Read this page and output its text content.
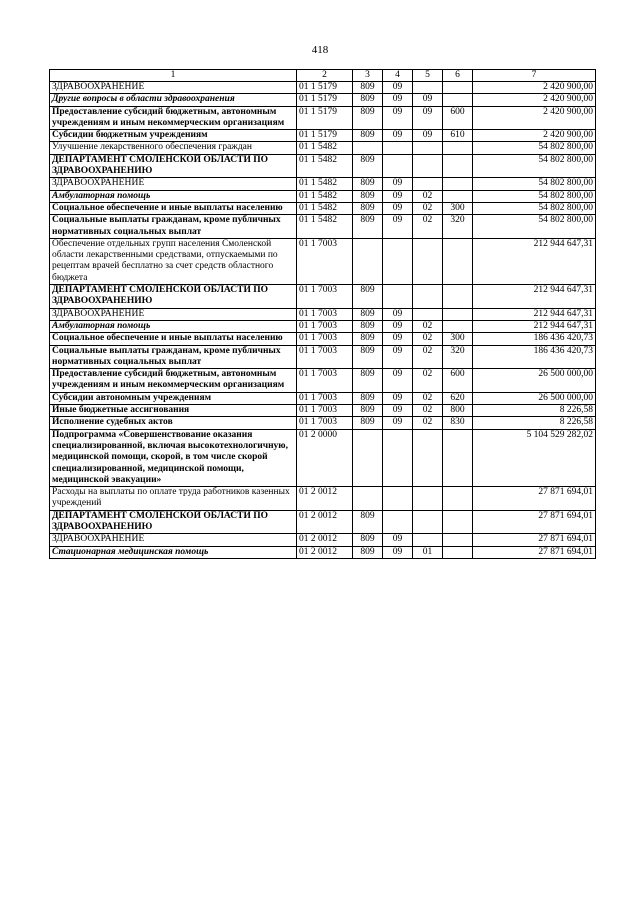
418
1	2	3	4	5	6	7
ЗДРАВООХРАНЕНИЕ	01 1 5179	809	09			2 420 900,00
Другие вопросы в области здравоохранения	01 1 5179	809	09	09		2 420 900,00
Предоставление субсидий бюджетным, автономным учреждениям и иным некоммерческим организациям	01 1 5179	809	09	09	600	2 420 900,00
Субсидии бюджетным учреждениям	01 1 5179	809	09	09	610	2 420 900,00
Улучшение лекарственного обеспечения граждан	01 1 5482					54 802 800,00
ДЕПАРТАМЕНТ СМОЛЕНСКОЙ ОБЛАСТИ ПО ЗДРАВООХРАНЕНИЮ	01 1 5482	809				54 802 800,00
ЗДРАВООХРАНЕНИЕ	01 1 5482	809	09			54 802 800,00
Амбулаторная помощь	01 1 5482	809	09	02		54 802 800,00
Социальное обеспечение и иные выплаты населению	01 1 5482	809	09	02	300	54 802 800,00
Социальные выплаты гражданам, кроме публичных нормативных социальных выплат	01 1 5482	809	09	02	320	54 802 800,00
Обеспечение отдельных групп населения Смоленской области лекарственными средствами, отпускаемыми по рецептам врачей бесплатно за счет средств областного бюджета	01 1 7003					212 944 647,31
ДЕПАРТАМЕНТ СМОЛЕНСКОЙ ОБЛАСТИ ПО ЗДРАВООХРАНЕНИЮ	01 1 7003	809				212 944 647,31
ЗДРАВООХРАНЕНИЕ	01 1 7003	809	09			212 944 647,31
Амбулаторная помощь	01 1 7003	809	09	02		212 944 647,31
Социальное обеспечение и иные выплаты населению	01 1 7003	809	09	02	300	186 436 420,73
Социальные выплаты гражданам, кроме публичных нормативных социальных выплат	01 1 7003	809	09	02	320	186 436 420,73
Предоставление субсидий бюджетным, автономным учреждениям и иным некоммерческим организациям	01 1 7003	809	09	02	600	26 500 000,00
Субсидии автономным учреждениям	01 1 7003	809	09	02	620	26 500 000,00
Иные бюджетные ассигнования	01 1 7003	809	09	02	800	8 226,58
Исполнение судебных актов	01 1 7003	809	09	02	830	8 226,58
Подпрограмма «Совершенствование оказания специализированной, включая высокотехнологичную, медицинской помощи, скорой, в том числе скорой специализированной, медицинской помощи, медицинской эвакуации»	01 2 0000					5 104 529 282,02
Расходы на выплаты по оплате труда работников казенных учреждений	01 2 0012					27 871 694,01
ДЕПАРТАМЕНТ СМОЛЕНСКОЙ ОБЛАСТИ ПО ЗДРАВООХРАНЕНИЮ	01 2 0012	809				27 871 694,01
ЗДРАВООХРАНЕНИЕ	01 2 0012	809	09			27 871 694,01
Стационарная медицинская помощь	01 2 0012	809	09	01		27 871 694,01
